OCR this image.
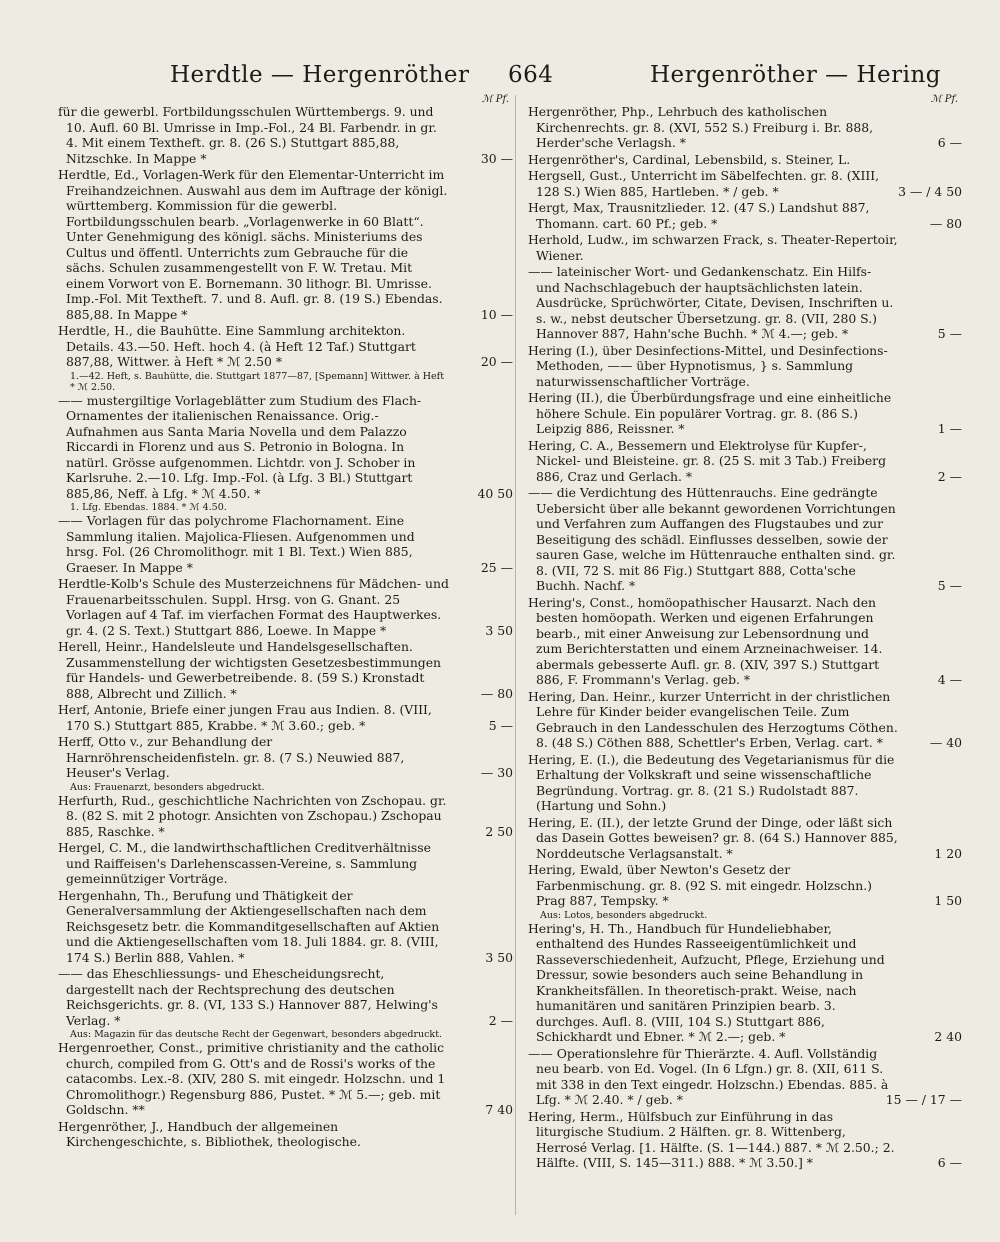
Herdtle — Hergenröther 664	Hergenröther — Hering
ℳ Pf.
für die gewerbl. Fortbildungsschulen Württembergs. 9. und 10. Aufl. 60 Bl. Umrisse in Imp.-Fol., 24 Bl. Farbendr. in gr. 4. Mit einem Textheft. gr. 8. (26 S.) Stuttgart 885,88, Nitzschke. In Mappe *	30 —
Herdtle, Ed., Vorlagen-Werk für den Elementar-Unterricht im Freihandzeichnen. Auswahl aus dem im Auftrage der königl. württemberg. Kommission für die gewerbl. Fortbildungsschulen bearb. „Vorlagenwerke in 60 Blatt“. Unter Genehmigung des königl. sächs. Ministeriums des Cultus und öffentl. Unterrichts zum Gebrauche für die sächs. Schulen zusammengestellt von F. W. Tretau. Mit einem Vorwort von E. Bornemann. 30 lithogr. Bl. Umrisse. Imp.-Fol. Mit Textheft. 7. und 8. Aufl. gr. 8. (19 S.) Ebendas. 885,88. In Mappe *	10 —
Herdtle, H., die Bauhütte. Eine Sammlung architekton. Details. 43.—50. Heft. hoch 4. (à Heft 12 Taf.) Stuttgart 887,88, Wittwer. à Heft * ℳ 2.50 *	20 —
1.—42. Heft, s. Bauhütte, die. Stuttgart 1877—87, [Spemann] Wittwer. à Heft * ℳ 2.50.
—— mustergiltige Vorlageblätter zum Studium des Flach-Ornamentes der italienischen Renaissance. Orig.-Aufnahmen aus Santa Maria Novella und dem Palazzo Riccardi in Florenz und aus S. Petronio in Bologna. In natürl. Grösse aufgenommen. Lichtdr. von J. Schober in Karlsruhe. 2.—10. Lfg. Imp.-Fol. (à Lfg. 3 Bl.) Stuttgart 885,86, Neff. à Lfg. * ℳ 4.50. *	40 50
1. Lfg. Ebendas. 1884. * ℳ 4.50.
—— Vorlagen für das polychrome Flachornament. Eine Sammlung italien. Majolica-Fliesen. Aufgenommen und hrsg. Fol. (26 Chromolithogr. mit 1 Bl. Text.) Wien 885, Graeser. In Mappe *	25 —
Herdtle-Kolb's Schule des Musterzeichnens für Mädchen- und Frauenarbeitsschulen. Suppl. Hrsg. von G. Gnant. 25 Vorlagen auf 4 Taf. im vierfachen Format des Hauptwerkes. gr. 4. (2 S. Text.) Stuttgart 886, Loewe. In Mappe *	3 50
Herell, Heinr., Handelsleute und Handelsgesellschaften. Zusammenstellung der wichtigsten Gesetzesbestimmungen für Handels- und Gewerbetreibende. 8. (59 S.) Kronstadt 888, Albrecht und Zillich. *	— 80
Herf, Antonie, Briefe einer jungen Frau aus Indien. 8. (VIII, 170 S.) Stuttgart 885, Krabbe. * ℳ 3.60.; geb. *	5 —
Herff, Otto v., zur Behandlung der Harnröhrenscheidenfisteln. gr. 8. (7 S.) Neuwied 887, Heuser's Verlag.	— 30
Aus: Frauenarzt, besonders abgedruckt.
Herfurth, Rud., geschichtliche Nachrichten von Zschopau. gr. 8. (82 S. mit 2 photogr. Ansichten von Zschopau.) Zschopau 885, Raschke. *	2 50
Hergel, C. M., die landwirthschaftlichen Creditverhältnisse und Raiffeisen's Darlehenscassen-Vereine, s. Sammlung gemeinnütziger Vorträge.
Hergenhahn, Th., Berufung und Thätigkeit der Generalversammlung der Aktiengesellschaften nach dem Reichsgesetz betr. die Kommanditgesellschaften auf Aktien und die Aktiengesellschaften vom 18. Juli 1884. gr. 8. (VIII, 174 S.) Berlin 888, Vahlen. *	3 50
—— das Eheschliessungs- und Ehescheidungsrecht, dargestellt nach der Rechtsprechung des deutschen Reichsgerichts. gr. 8. (VI, 133 S.) Hannover 887, Helwing's Verlag. *	2 —
Aus: Magazin für das deutsche Recht der Gegenwart, besonders abgedruckt.
Hergenroether, Const., primitive christianity and the catholic church, compiled from G. Ott's and de Rossi's works of the catacombs. Lex.-8. (XIV, 280 S. mit eingedr. Holzschn. und 1 Chromolithogr.) Regensburg 886, Pustet. * ℳ 5.—; geb. mit Goldschn. **	7 40
Hergenröther, J., Handbuch der allgemeinen Kirchengeschichte, s. Bibliothek, theologische.
ℳ Pf.
Hergenröther, Php., Lehrbuch des katholischen Kirchenrechts. gr. 8. (XVI, 552 S.) Freiburg i. Br. 888, Herder'sche Verlagsh. *	6 —
Hergenröther's, Cardinal, Lebensbild, s. Steiner, L.
Hergsell, Gust., Unterricht im Säbelfechten. gr. 8. (XIII, 128 S.) Wien 885, Hartleben. * / geb. *	3 — / 4 50
Hergt, Max, Trausnitzlieder. 12. (47 S.) Landshut 887, Thomann. cart. 60 Pf.; geb. *	— 80
Herhold, Ludw., im schwarzen Frack, s. Theater-Repertoir, Wiener.
—— lateinischer Wort- und Gedankenschatz. Ein Hilfs- und Nachschlagebuch der hauptsächlichsten latein. Ausdrücke, Sprüchwörter, Citate, Devisen, Inschriften u. s. w., nebst deutscher Übersetzung. gr. 8. (VII, 280 S.) Hannover 887, Hahn'sche Buchh. * ℳ 4.—; geb. *	5 —
Hering (I.), über Desinfections-Mittel, und Desinfections-Methoden, —— über Hypnotismus, } s. Sammlung naturwissenschaftlicher Vorträge.
Hering (II.), die Überbürdungsfrage und eine einheitliche höhere Schule. Ein populärer Vortrag. gr. 8. (86 S.) Leipzig 886, Reissner. *	1 —
Hering, C. A., Bessemern und Elektrolyse für Kupfer-, Nickel- und Bleisteine. gr. 8. (25 S. mit 3 Tab.) Freiberg 886, Craz und Gerlach. *	2 —
—— die Verdichtung des Hüttenrauchs. Eine gedrängte Uebersicht über alle bekannt gewordenen Vorrichtungen und Verfahren zum Auffangen des Flugstaubes und zur Beseitigung des schädl. Einflusses desselben, sowie der sauren Gase, welche im Hüttenrauche enthalten sind. gr. 8. (VII, 72 S. mit 86 Fig.) Stuttgart 888, Cotta'sche Buchh. Nachf. *	5 —
Hering's, Const., homöopathischer Hausarzt. Nach den besten homöopath. Werken und eigenen Erfahrungen bearb., mit einer Anweisung zur Lebensordnung und zum Berichterstatten und einem Arzneinachweiser. 14. abermals gebesserte Aufl. gr. 8. (XIV, 397 S.) Stuttgart 886, F. Frommann's Verlag. geb. *	4 —
Hering, Dan. Heinr., kurzer Unterricht in der christlichen Lehre für Kinder beider evangelischen Teile. Zum Gebrauch in den Landesschulen des Herzogtums Cöthen. 8. (48 S.) Cöthen 888, Schettler's Erben, Verlag. cart. *	— 40
Hering, E. (I.), die Bedeutung des Vegetarianismus für die Erhaltung der Volkskraft und seine wissenschaftliche Begründung. Vortrag. gr. 8. (21 S.) Rudolstadt 887. (Hartung und Sohn.)
Hering, E. (II.), der letzte Grund der Dinge, oder läßt sich das Dasein Gottes beweisen? gr. 8. (64 S.) Hannover 885, Norddeutsche Verlagsanstalt. *	1 20
Hering, Ewald, über Newton's Gesetz der Farbenmischung. gr. 8. (92 S. mit eingedr. Holzschn.) Prag 887, Tempsky. *	1 50
Aus: Lotos, besonders abgedruckt.
Hering's, H. Th., Handbuch für Hundeliebhaber, enthaltend des Hundes Rasseeigentümlichkeit und Rasseverschiedenheit, Aufzucht, Pflege, Erziehung und Dressur, sowie besonders auch seine Behandlung in Krankheitsfällen. In theoretisch-prakt. Weise, nach humanitären und sanitären Prinzipien bearb. 3. durchges. Aufl. 8. (VIII, 104 S.) Stuttgart 886, Schickhardt und Ebner. * ℳ 2.—; geb. *	2 40
—— Operationslehre für Thierärzte. 4. Aufl. Vollständig neu bearb. von Ed. Vogel. (In 6 Lfgn.) gr. 8. (XII, 611 S. mit 338 in den Text eingedr. Holzschn.) Ebendas. 885. à Lfg. * ℳ 2.40. * / geb. *	15 — / 17 —
Hering, Herm., Hülfsbuch zur Einführung in das liturgische Studium. 2 Hälften. gr. 8. Wittenberg, Herrosé Verlag. [1. Hälfte. (S. 1—144.) 887. * ℳ 2.50.; 2. Hälfte. (VIII, S. 145—311.) 888. * ℳ 3.50.] *	6 —
